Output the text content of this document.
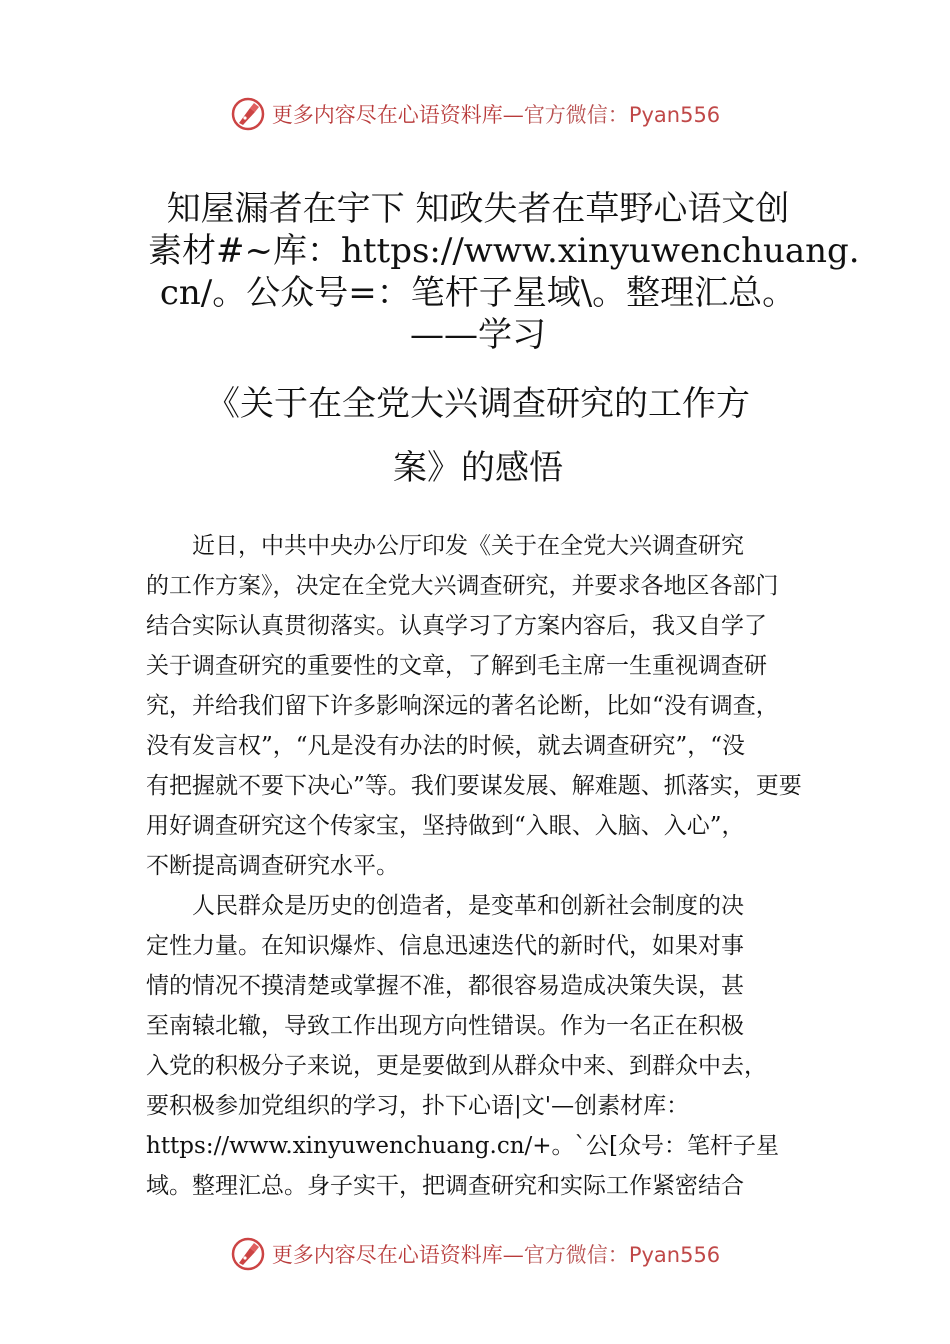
更多内容尽在心语资料库—官方微信：Pyan556
知屋漏者在宇下 知政失者在草野心语文创
素材#~库：https://www.xinyuwenchuang.
cn/。公众号=：笔杆子星域\。整理汇总。
——学习
《关于在全党大兴调查研究的工作方
案》的感悟
　　近日，中共中央办公厅印发《关于在全党大兴调查研究
的工作方案》，决定在全党大兴调查研究，并要求各地区各部门
结合实际认真贯彻落实。认真学习了方案内容后，我又自学了
关于调查研究的重要性的文章，了解到毛主席一生重视调查研
究，并给我们留下许多影响深远的著名论断，比如“没有调查，
没有发言权”，“凡是没有办法的时候，就去调查研究”，“没
有把握就不要下决心”等。我们要谋发展、解难题、抓落实，更要
用好调查研究这个传家宝，坚持做到“入眼、入脑、入心”，
不断提高调查研究水平。
　　人民群众是历史的创造者，是变革和创新社会制度的决
定性力量。在知识爆炸、信息迅速迭代的新时代，如果对事
情的情况不摸清楚或掌握不准，都很容易造成决策失误，甚
至南辕北辙，导致工作出现方向性错误。作为一名正在积极
入党的积极分子来说，更是要做到从群众中来、到群众中去，
要积极参加党组织的学习，扑下心语|文'—创素材库：
https://www.xinyuwenchuang.cn/+。`公[众号：笔杆子星
域。整理汇总。身子实干，把调查研究和实际工作紧密结合
更多内容尽在心语资料库—官方微信：Pyan556
